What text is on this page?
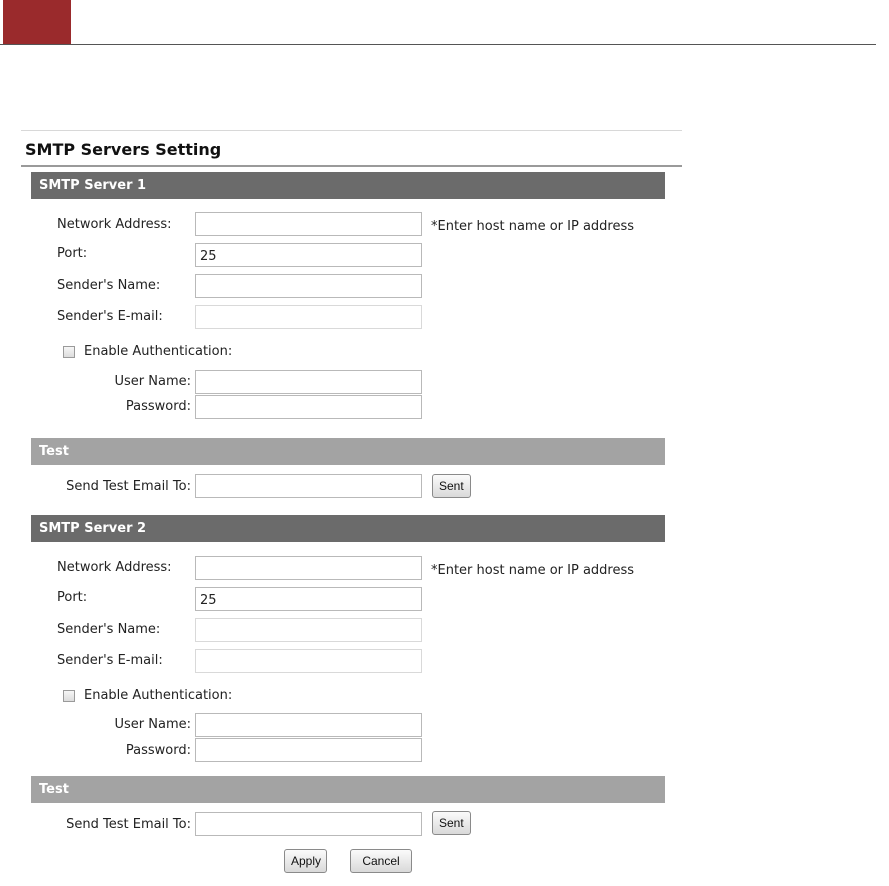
SMTP Servers Setting
SMTP Server 1
Network Address:	*Enter host name or IP address
Port:
25
Sender's Name:
Sender's E-mail:
Enable Authentication:
User Name:
Password:
Test
Send Test Email To:	Sent
SMTP Server 2
Network Address:	*Enter host name or IP address
Port:
25
Sender's Name:
Sender's E-mail:
Enable Authentication:
User Name:
Password:
Test
Send Test Email To:	Sent
Apply	Cancel
